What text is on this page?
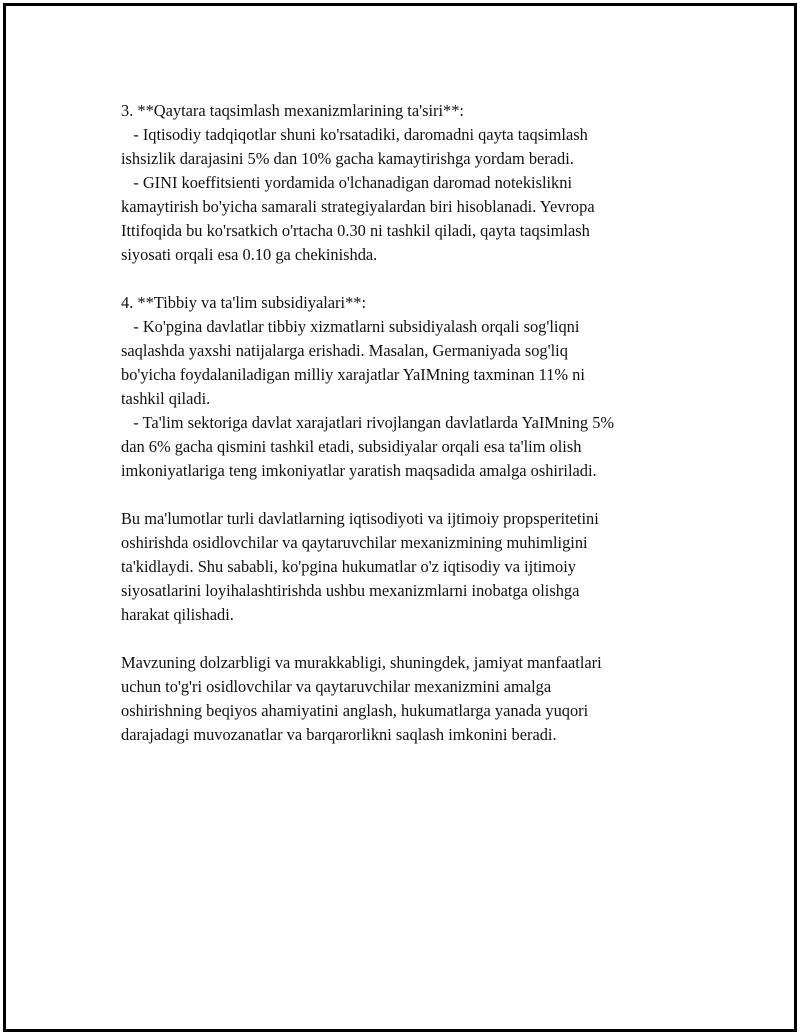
3. **Qaytara taqsimlash mexanizmlarining ta'siri**:
- Iqtisodiy tadqiqotlar shuni ko'rsatadiki, daromadni qayta taqsimlash
ishsizlik darajasini 5% dan 10% gacha kamaytirishga yordam beradi.
- GINI koeffitsienti yordamida o'lchanadigan daromad notekislikni
kamaytirish bo'yicha samarali strategiyalardan biri hisoblanadi. Yevropa
Ittifoqida bu ko'rsatkich o'rtacha 0.30 ni tashkil qiladi, qayta taqsimlash
siyosati orqali esa 0.10 ga chekinishda.
4. **Tibbiy va ta'lim subsidiyalari**:
- Ko'pgina davlatlar tibbiy xizmatlarni subsidiyalash orqali sog'liqni
saqlashda yaxshi natijalarga erishadi. Masalan, Germaniyada sog'liq
bo'yicha foydalaniladigan milliy xarajatlar YaIMning taxminan 11% ni
tashkil qiladi.
- Ta'lim sektoriga davlat xarajatlari rivojlangan davlatlarda YaIMning 5%
dan 6% gacha qismini tashkil etadi, subsidiyalar orqali esa ta'lim olish
imkoniyatlariga teng imkoniyatlar yaratish maqsadida amalga oshiriladi.
Bu ma'lumotlar turli davlatlarning iqtisodiyoti va ijtimoiy propsperitetini
oshirishda osidlovchilar va qaytaruvchilar mexanizmining muhimligini
ta'kidlaydi. Shu sababli, ko'pgina hukumatlar o'z iqtisodiy va ijtimoiy
siyosatlarini loyihalashtirishda ushbu mexanizmlarni inobatga olishga
harakat qilishadi.
Mavzuning dolzarbligi va murakkabligi, shuningdek, jamiyat manfaatlari
uchun to'g'ri osidlovchilar va qaytaruvchilar mexanizmini amalga
oshirishning beqiyos ahamiyatini anglash, hukumatlarga yanada yuqori
darajadagi muvozanatlar va barqarorlikni saqlash imkonini beradi.
